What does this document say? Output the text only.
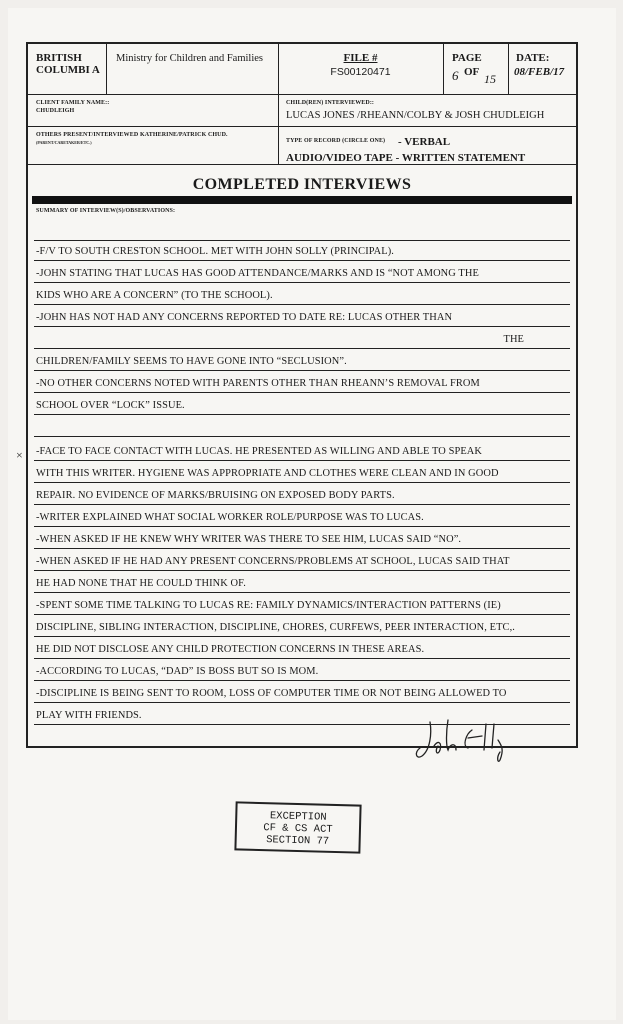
BRITISH COLUMBI A
Ministry for Children and Families	FILE #
FS00120471
PAGE
6 OF 15
DATE:
08/FEB/17
CLIENT FAMILY NAME::
CHUDLEIGH
CHILD(REN) INTERVIEWED::
LUCAS JONES /RHEANN/COLBY & JOSH CHUDLEIGH
OTHERS PRESENT/INTERVIEWED KATHERINE/PATRICK CHUD.
(PARENT/CARETAKER/ETC.)	TYPE OF RECORD (CIRCLE ONE) - VERBAL
AUDIO/VIDEO TAPE - WRITTEN STATEMENT
COMPLETED INTERVIEWS
SUMMARY OF INTERVIEW(S)/OBSERVATIONS:
-F/V TO SOUTH CRESTON SCHOOL. MET WITH JOHN SOLLY (PRINCIPAL).
-JOHN STATING THAT LUCAS HAS GOOD ATTENDANCE/MARKS AND IS “NOT AMONG THE
KIDS WHO ARE A CONCERN” (TO THE SCHOOL).
-JOHN HAS NOT HAD ANY CONCERNS REPORTED TO DATE RE: LUCAS OTHER THAN
THE
CHILDREN/FAMILY SEEMS TO HAVE GONE INTO “SECLUSION”.
-NO OTHER CONCERNS NOTED WITH PARENTS OTHER THAN RHEANN’S REMOVAL FROM
SCHOOL OVER “LOCK” ISSUE.
-FACE TO FACE CONTACT WITH LUCAS. HE PRESENTED AS WILLING AND ABLE TO SPEAK
WITH THIS WRITER. HYGIENE WAS APPROPRIATE AND CLOTHES WERE CLEAN AND IN GOOD
REPAIR. NO EVIDENCE OF MARKS/BRUISING ON EXPOSED BODY PARTS.
-WRITER EXPLAINED WHAT SOCIAL WORKER ROLE/PURPOSE WAS TO LUCAS.
-WHEN ASKED IF HE KNEW WHY WRITER WAS THERE TO SEE HIM, LUCAS SAID “NO”.
-WHEN ASKED IF HE HAD ANY PRESENT CONCERNS/PROBLEMS AT SCHOOL, LUCAS SAID THAT
HE HAD NONE THAT HE COULD THINK OF.
-SPENT SOME TIME TALKING TO LUCAS RE: FAMILY DYNAMICS/INTERACTION PATTERNS (IE)
DISCIPLINE, SIBLING INTERACTION, DISCIPLINE, CHORES, CURFEWS, PEER INTERACTION, ETC,.
HE DID NOT DISCLOSE ANY CHILD PROTECTION CONCERNS IN THESE AREAS.
-ACCORDING TO LUCAS, “DAD” IS BOSS BUT SO IS MOM.
-DISCIPLINE IS BEING SENT TO ROOM, LOSS OF COMPUTER TIME OR NOT BEING ALLOWED TO
PLAY WITH FRIENDS.
×
EXCEPTION
CF & CS ACT
SECTION 77
